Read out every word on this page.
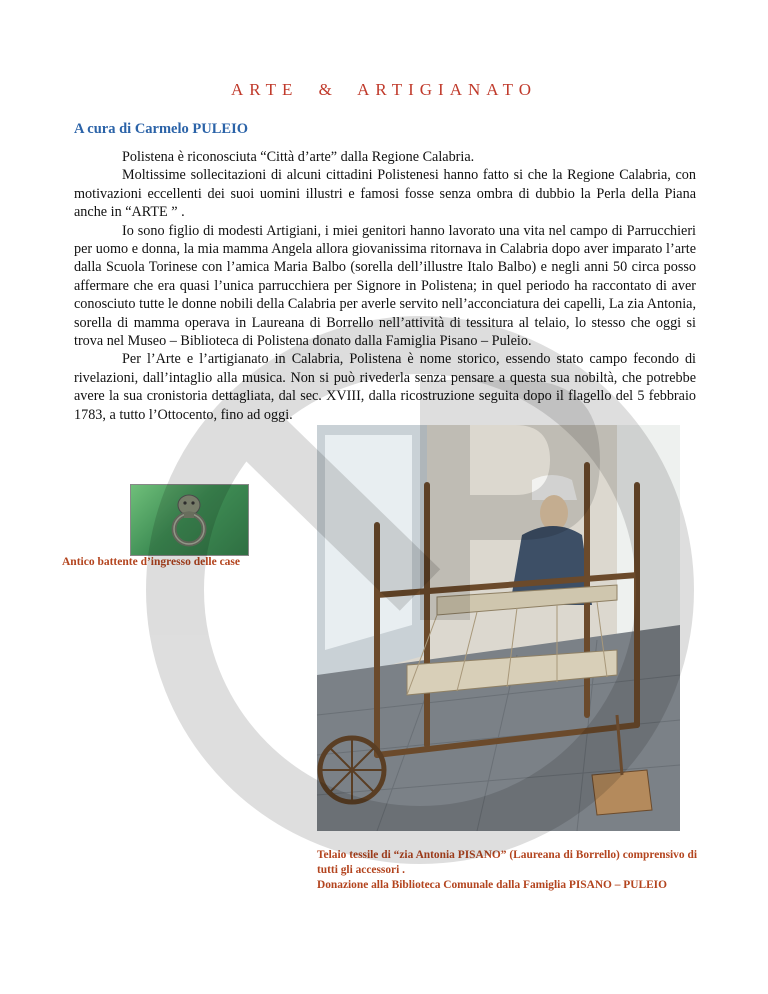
ARTE & ARTIGIANATO
A cura di Carmelo PULEIO

Polistena è riconosciuta “Città d’arte” dalla Regione Calabria.

Moltissime sollecitazioni di alcuni cittadini Polistenesi hanno fatto si che la Regione Calabria, con motivazioni eccellenti dei suoi uomini illustri e famosi fosse senza ombra di dubbio la Perla della Piana anche in “ARTE ” .

Io sono figlio di modesti Artigiani, i miei genitori hanno lavorato una vita nel campo di Parrucchieri per uomo e donna, la mia mamma Angela allora giovanissima ritornava in Calabria dopo aver imparato l’arte dalla Scuola Torinese con l’amica Maria Balbo (sorella dell’illustre Italo Balbo) e negli anni 50 circa posso affermare che era quasi l’unica parrucchiera per Signore in Polistena; in quel periodo ha raccontato di aver conosciuto tutte le donne nobili della Calabria per averle servito nell’acconciatura dei capelli, La zia Antonia, sorella di mamma operava in Laureana di Borrello nell’attività di tessitura al telaio, lo stesso che oggi si trova nel Museo – Biblioteca di Polistena donato dalla Famiglia Pisano – Puleio.

Per l’Arte e l’artigianato in Calabria, Polistena è nome storico, essendo stato campo fecondo di rivelazioni, dall’intaglio alla musica. Non si può rivederla senza pensare a questa sua nobiltà, che potrebbe avere la sua cronistoria dettagliata, dal sec. XVIII, dalla ricostruzione seguita dopo il flagello del 5 febbraio 1783, a tutto l’Ottocento, fino ad oggi.

Antico battente d’ingresso delle case
Telaio tessile di “zia Antonia PISANO” (Laureana di Borrello) comprensivo di tutti gli accessori .
Donazione alla Biblioteca Comunale dalla Famiglia PISANO – PULEIO
